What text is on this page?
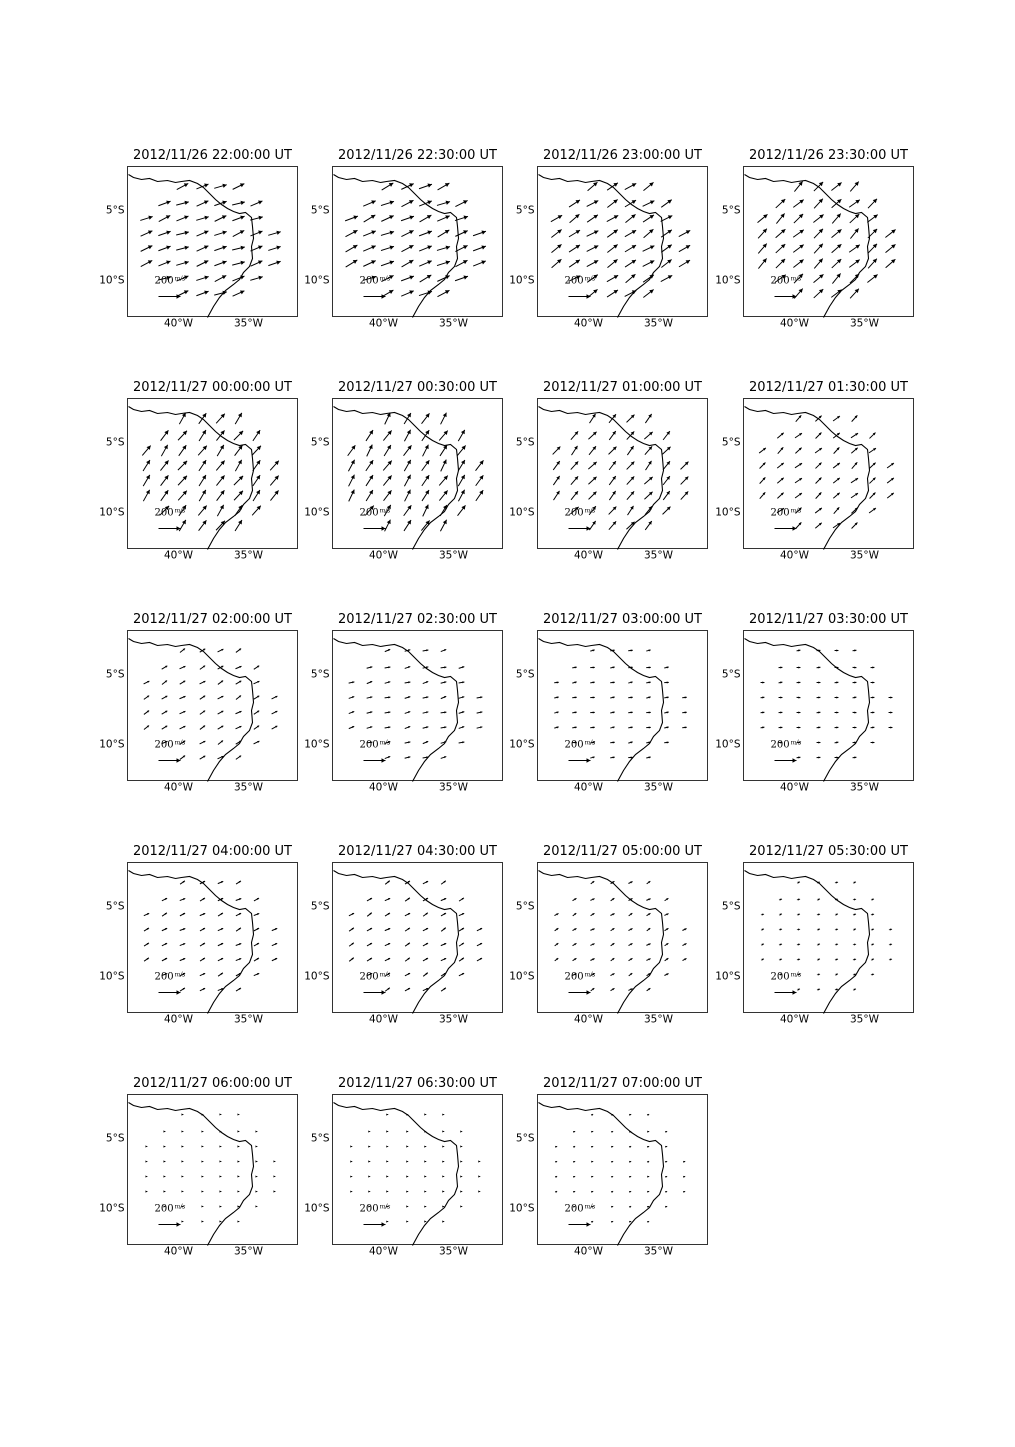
2012/11/26 22:00:00 UT
200 m/s
5°S
10°S
40°W	35°W
2012/11/26 22:30:00 UT
200 m/s
5°S
10°S
40°W	35°W
2012/11/26 23:00:00 UT
200 m/s
5°S
10°S
40°W	35°W
2012/11/26 23:30:00 UT
200 m/s
5°S
10°S
40°W	35°W
2012/11/27 00:00:00 UT
200 m/s
5°S
10°S
40°W	35°W
2012/11/27 00:30:00 UT
200 m/s
5°S
10°S
40°W	35°W
2012/11/27 01:00:00 UT
200 m/s
5°S
10°S
40°W	35°W
2012/11/27 01:30:00 UT
200 m/s
5°S
10°S
40°W	35°W
2012/11/27 02:00:00 UT
200 m/s
5°S
10°S
40°W	35°W
2012/11/27 02:30:00 UT
200 m/s
5°S
10°S
40°W	35°W
2012/11/27 03:00:00 UT
200 m/s
5°S
10°S
40°W	35°W
2012/11/27 03:30:00 UT
200 m/s
5°S
10°S
40°W	35°W
2012/11/27 04:00:00 UT
200 m/s
5°S
10°S
40°W	35°W
2012/11/27 04:30:00 UT
200 m/s
5°S
10°S
40°W	35°W
2012/11/27 05:00:00 UT
200 m/s
5°S
10°S
40°W	35°W
2012/11/27 05:30:00 UT
200 m/s
5°S
10°S
40°W	35°W
2012/11/27 06:00:00 UT
200 m/s
5°S
10°S
40°W	35°W
2012/11/27 06:30:00 UT
200 m/s
5°S
10°S
40°W	35°W
2012/11/27 07:00:00 UT
200 m/s
5°S
10°S
40°W	35°W
